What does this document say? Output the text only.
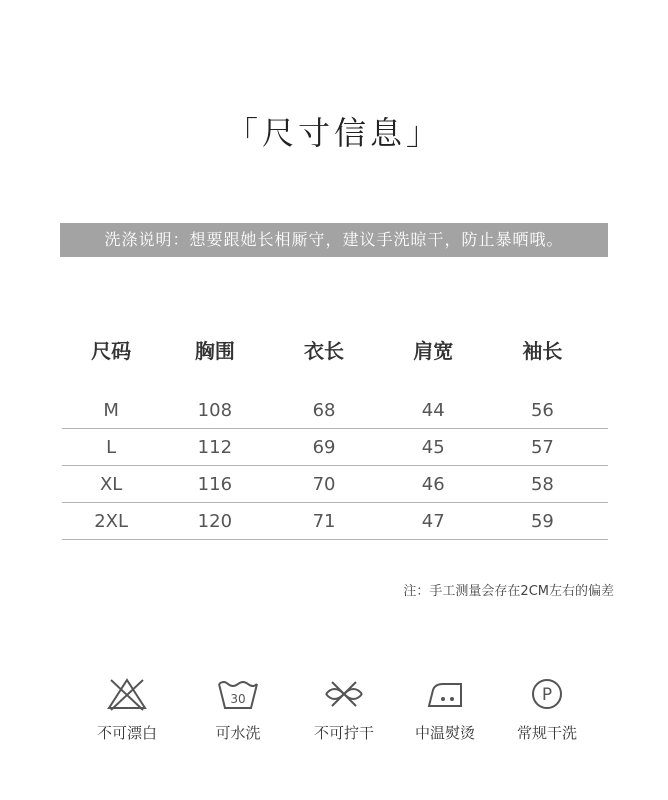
「尺寸信息」
洗涤说明：想要跟她长相厮守，建议手洗晾干，防止暴晒哦。
尺码	胸围	衣长	肩宽	袖长
M	108	68	44	56
L	112	69	45	57
XL	116	70	46	58
2XL	120	71	47	59
注：手工测量会存在2CM左右的偏差
不可漂白
30
可水洗	不可拧干	中温熨烫
P
常规干洗
